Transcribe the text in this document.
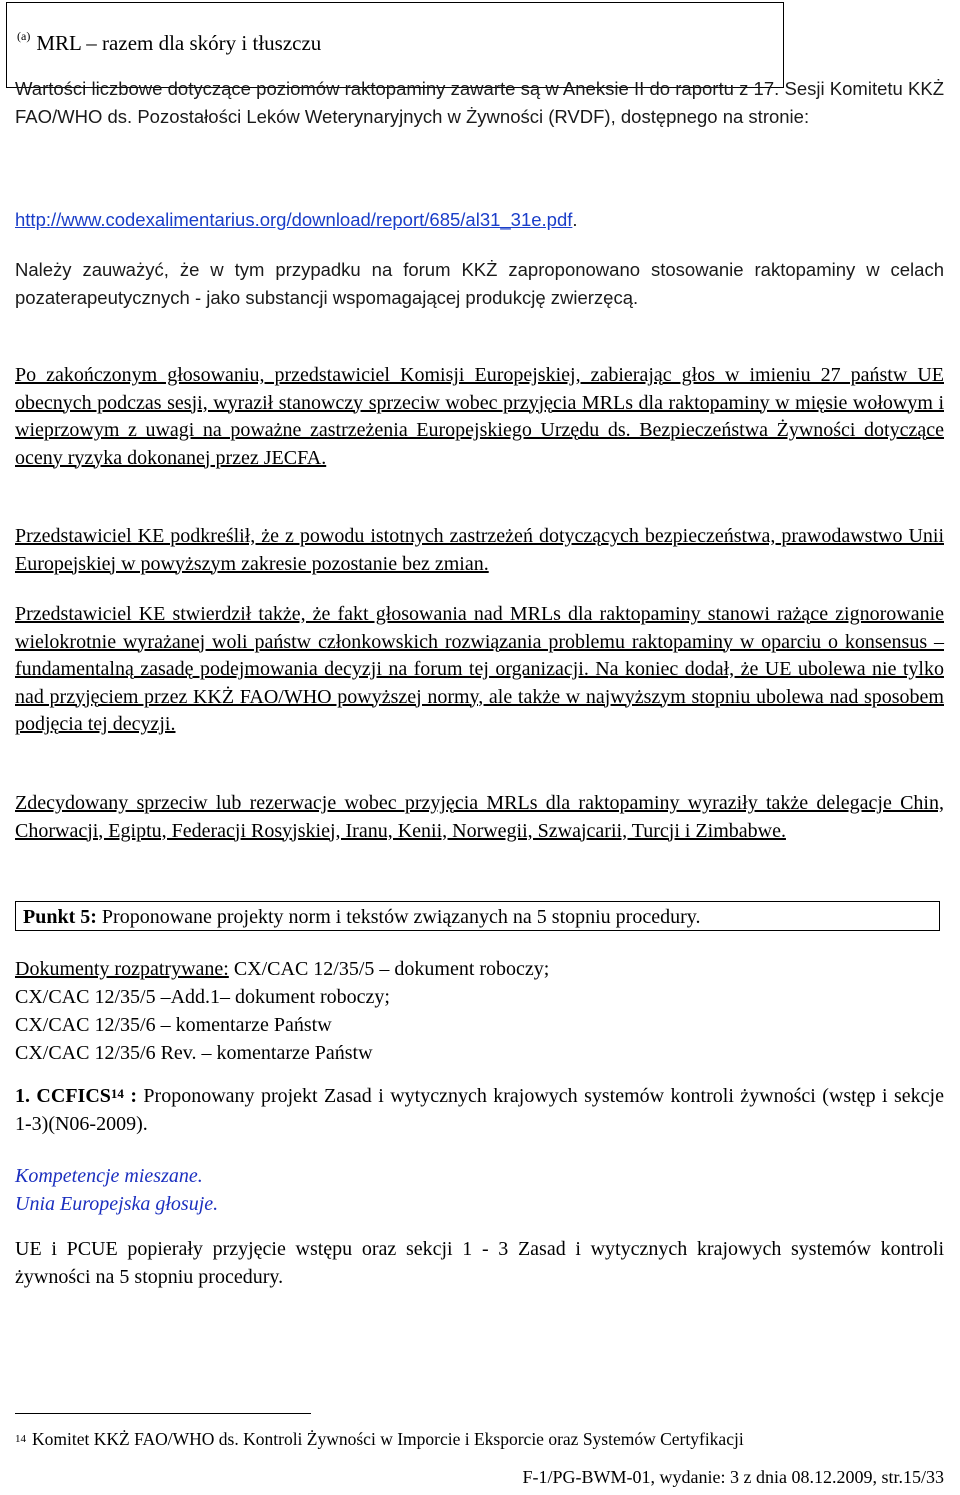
$^{(a)}$ MRL – razem dla skóry i tłuszczu

Wartości liczbowe dotyczące poziomów raktopaminy zawarte są w Aneksie II do raportu z 17. Sesji Komitetu KKŻ FAO/WHO ds. Pozostałości Leków Weterynaryjnych w Żywności (RVDF), dostępnego na stronie:

http://www.codexalimentarius.org/download/report/685/al31_31e.pdf.

Należy zauważyć, że w tym przypadku na forum KKŻ zaproponowano stosowanie raktopaminy w celach pozaterapeutycznych - jako substancji wspomagającej produkcję zwierzęcą.

Po zakończonym głosowaniu, przedstawiciel Komisji Europejskiej, zabierając głos w imieniu 27 państw UE obecnych podczas sesji, wyraził stanowczy sprzeciw wobec przyjęcia MRLs dla raktopaminy w mięsie wołowym i wieprzowym z uwagi na poważne zastrzeżenia Europejskiego Urzędu ds. Bezpieczeństwa Żywności dotyczące oceny ryzyka dokonanej przez JECFA.

Przedstawiciel KE podkreślił, że z powodu istotnych zastrzeżeń dotyczących bezpieczeństwa, prawodawstwo Unii Europejskiej w powyższym zakresie pozostanie bez zmian.

Przedstawiciel KE stwierdził także, że fakt głosowania nad MRLs dla raktopaminy stanowi rażące zignorowanie wielokrotnie wyrażanej woli państw członkowskich rozwiązania problemu raktopaminy w oparciu o konsensus – fundamentalną zasadę podejmowania decyzji na forum tej organizacji. Na koniec dodał, że UE ubolewa nie tylko nad przyjęciem przez KKŻ FAO/WHO powyższej normy, ale także w najwyższym stopniu ubolewa nad sposobem podjęcia tej decyzji.

Zdecydowany sprzeciw lub rezerwacje wobec przyjęcia MRLs dla raktopaminy wyraziły także delegacje Chin, Chorwacji, Egiptu, Federacji Rosyjskiej, Iranu, Kenii, Norwegii, Szwajcarii, Turcji i Zimbabwe.

Punkt 5: Proponowane projekty norm i tekstów związanych na 5 stopniu procedury.

Dokumenty rozpatrywane: CX/CAC 12/35/5 – dokument roboczy;

CX/CAC 12/35/5 –Add.1– dokument roboczy;

CX/CAC 12/35/6 – komentarze Państw

CX/CAC 12/35/6 Rev. – komentarze Państw

1. CCFICS$^{14}$ : Proponowany projekt Zasad i wytycznych krajowych systemów kontroli żywności (wstęp i sekcje 1-3)(N06-2009).

Kompetencje mieszane.

Unia Europejska głosuje.

UE i PCUE popierały przyjęcie wstępu oraz sekcji 1 - 3 Zasad i wytycznych krajowych systemów kontroli żywności na 5 stopniu procedury.

$^{14}$ Komitet KKŻ FAO/WHO ds. Kontroli Żywności w Imporcie i Eksporcie oraz Systemów Certyfikacji
F-1/PG-BWM-01, wydanie: 3 z dnia 08.12.2009, str.15/33
